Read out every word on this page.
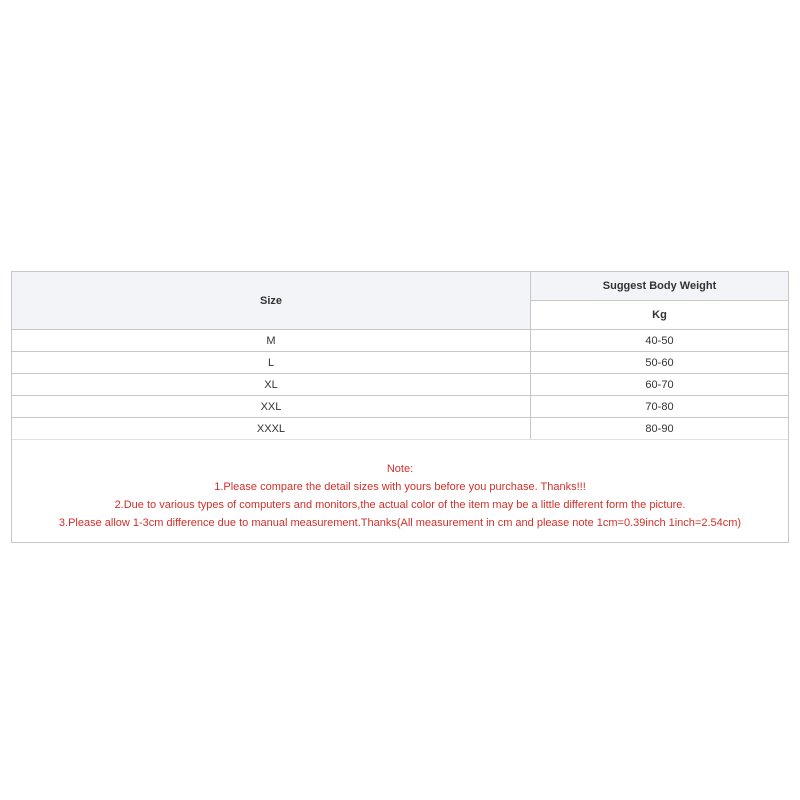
Size	Suggest Body Weight
	Kg
M	40-50
L	50-60
XL	60-70
XXL	70-80
XXXL	80-90
Note:
1.Please compare the detail sizes with yours before you purchase. Thanks!!!
2.Due to various types of computers and monitors,the actual color of the item may be a little different form the picture.
3.Please allow 1-3cm difference due to manual measurement.Thanks(All measurement in cm and please note 1cm=0.39inch 1inch=2.54cm)
